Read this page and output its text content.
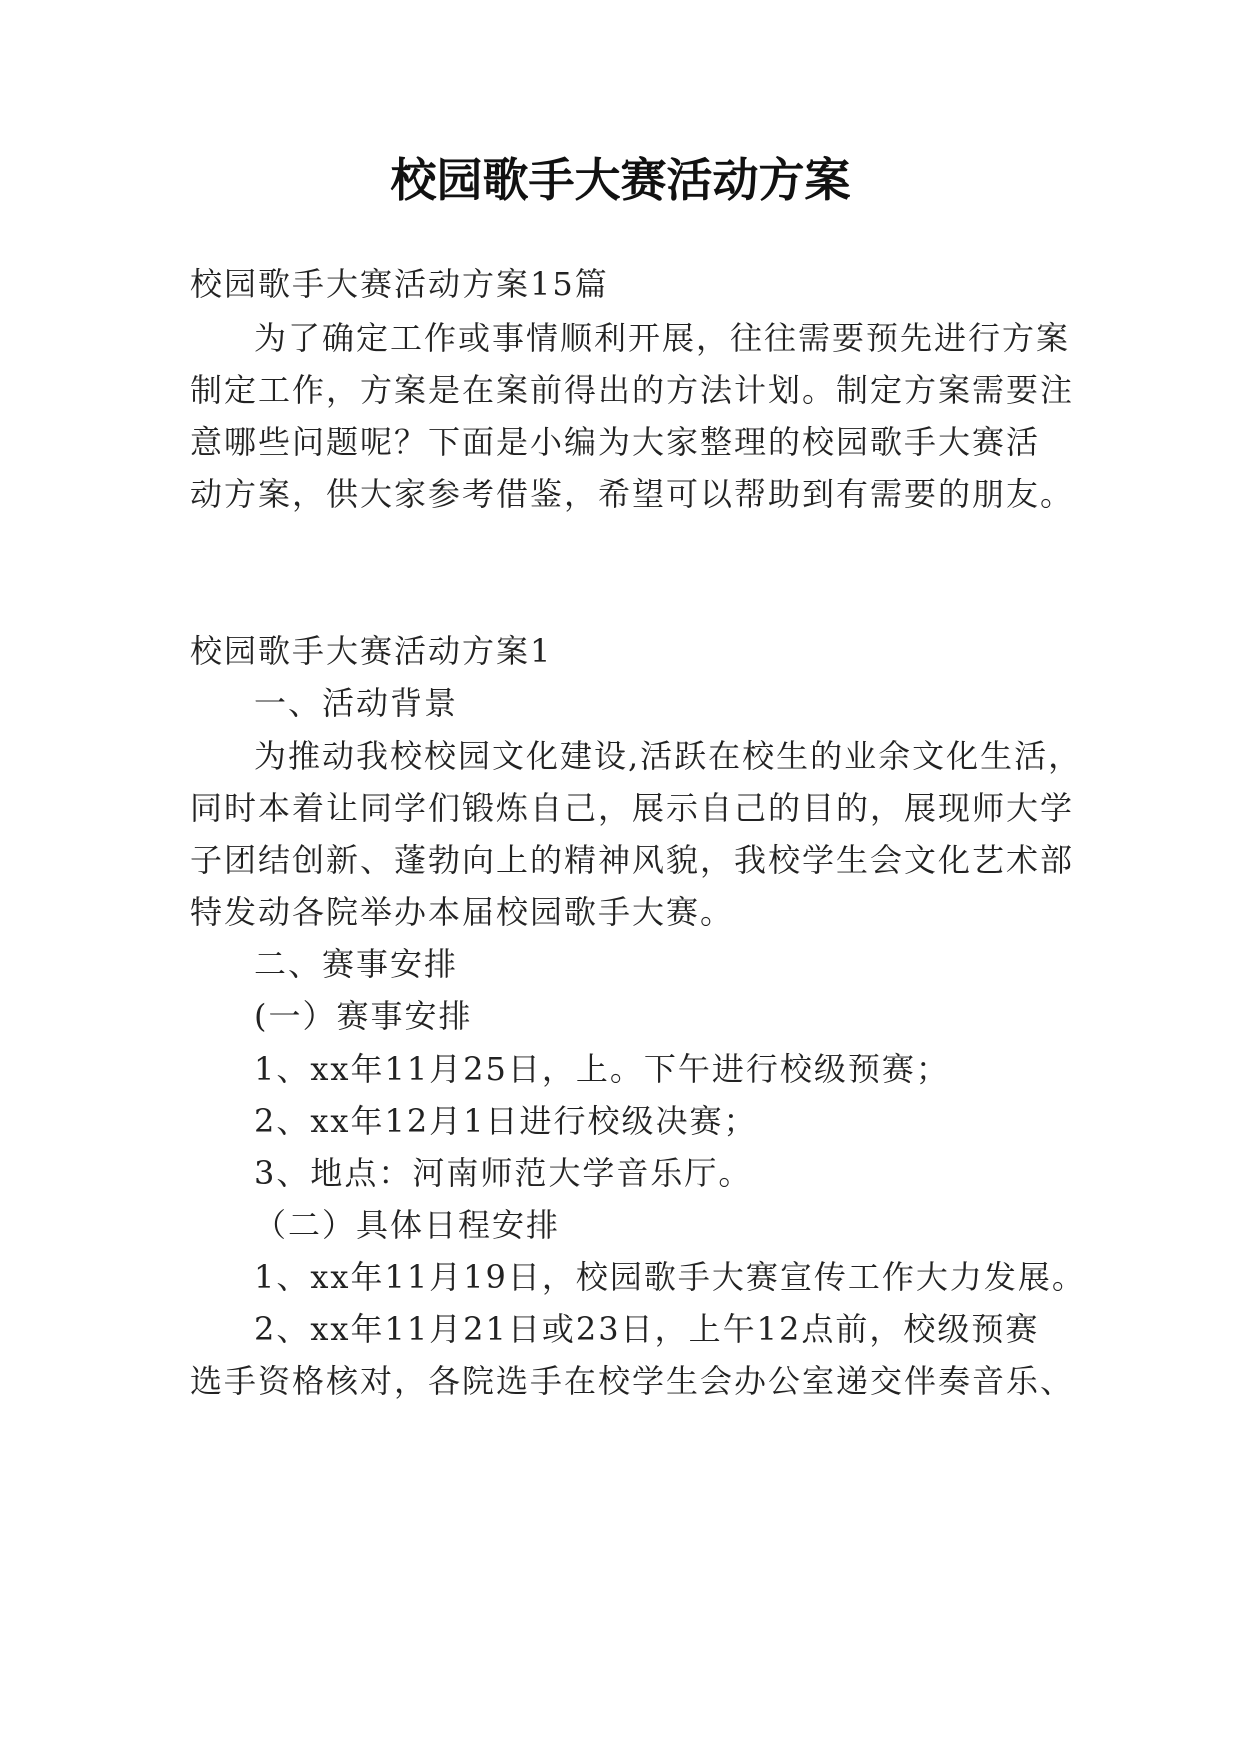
校园歌手大赛活动方案

校园歌手大赛活动方案15篇

为了确定工作或事情顺利开展，往往需要预先进行方案

制定工作，方案是在案前得出的方法计划。制定方案需要注

意哪些问题呢？下面是小编为大家整理的校园歌手大赛活

动方案，供大家参考借鉴，希望可以帮助到有需要的朋友。

校园歌手大赛活动方案1

一、活动背景

为推动我校校园文化建设,活跃在校生的业余文化生活，

同时本着让同学们锻炼自己，展示自己的目的，展现师大学

子团结创新、蓬勃向上的精神风貌，我校学生会文化艺术部

特发动各院举办本届校园歌手大赛。

二、赛事安排

(一）赛事安排

1、xx年11月25日，上。下午进行校级预赛；

2、xx年12月1日进行校级决赛；

3、地点：河南师范大学音乐厅。

（二）具体日程安排

1、xx年11月19日，校园歌手大赛宣传工作大力发展。

2、xx年11月21日或23日，上午12点前，校级预赛

选手资格核对，各院选手在校学生会办公室递交伴奏音乐、
